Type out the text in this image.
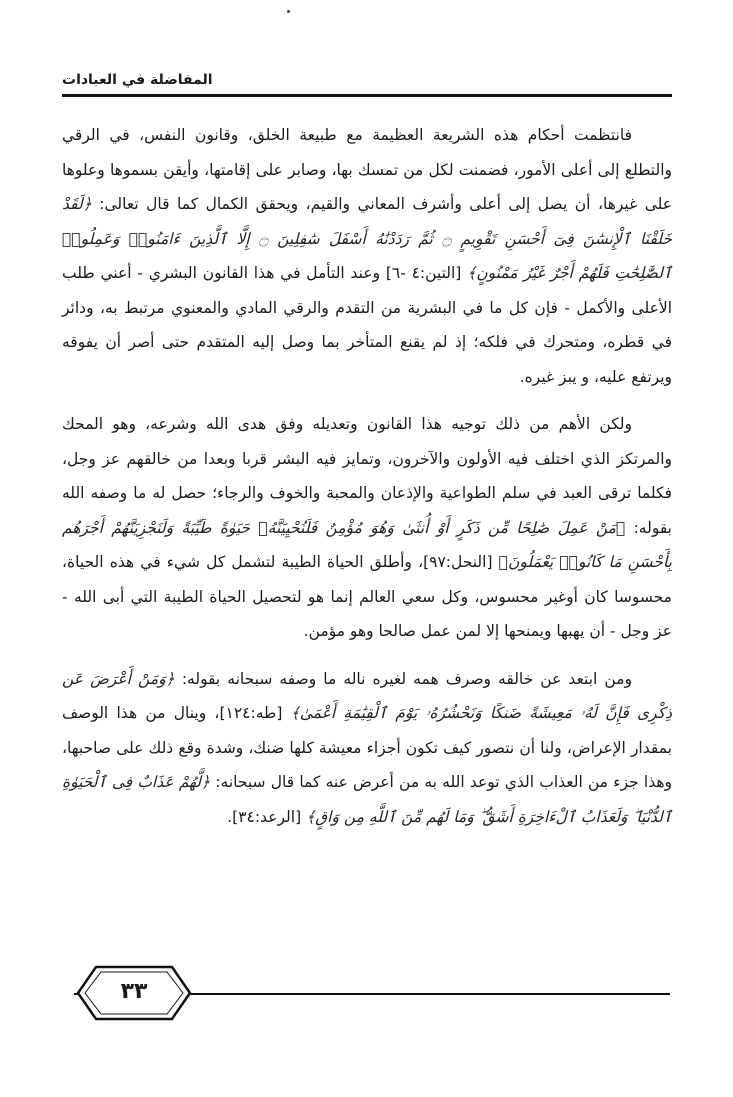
المفاضلة في العبادات

فانتظمت أحكام هذه الشريعة العظيمة مع طبيعة الخلق، وقانون النفس، في الرقي والتطلع إلى أعلى الأمور، فضمنت لكل من تمسك بها، وصابر على إقامتها، وأيقن بسموها وعلوها على غيرها، أن يصل إلى أعلى وأشرف المعاني والقيم، ويحقق الكمال كما قال تعالى: ﴿لَقَدْ خَلَقْنَا ٱلْإِنسَٰنَ فِىٓ أَحْسَنِ تَقْوِيمٍ ۝ ثُمَّ رَدَدْنَٰهُ أَسْفَلَ سَٰفِلِينَ ۝ إِلَّا ٱلَّذِينَ ءَامَنُوا۟ وَعَمِلُوا۟ ٱلصَّٰلِحَٰتِ فَلَهُمْ أَجْرٌ غَيْرُ مَمْنُونٍ﴾ [التين:٤ -٦] وعند التأمل في هذا القانون البشري - أعني طلب الأعلى والأكمل - فإن كل ما في البشرية من التقدم والرقي المادي والمعنوي مرتبط به، ودائر في قطره، ومتحرك في فلكه؛ إذ لم يقنع المتأخر بما وصل إليه المتقدم حتى أصر أن يفوقه ويرتفع عليه، و يبز غيره.

ولكن الأهم من ذلك توجيه هذا القانون وتعديله وفق هدى الله وشرعه، وهو المحك والمرتكز الذي اختلف فيه الأولون والآخرون، وتمايز فيه البشر قربا وبعدا من خالقهم عز وجل، فكلما ترقى العبد في سلم الطواعية والإذعان والمحبة والخوف والرجاء؛ حصل له ما وصفه الله بقوله: ﴿مَنْ عَمِلَ صَٰلِحًا مِّن ذَكَرٍ أَوْ أُنثَىٰ وَهُوَ مُؤْمِنٌ فَلَنُحْيِيَنَّهُۥ حَيَوٰةً طَيِّبَةً وَلَنَجْزِيَنَّهُمْ أَجْرَهُم بِأَحْسَنِ مَا كَانُوا۟ يَعْمَلُونَ﴾ [النحل:٩٧]، وأطلق الحياة الطيبة لتشمل كل شيء في هذه الحياة، محسوسا كان أوغير محسوس، وكل سعي العالم إنما هو لتحصيل الحياة الطيبة التي أبى الله - عز وجل - أن يهبها ويمنحها إلا لمن عمل صالحا وهو مؤمن.

ومن ابتعد عن خالقه وصرف همه لغيره ناله ما وصفه سبحانه بقوله: ﴿وَمَنْ أَعْرَضَ عَن ذِكْرِى فَإِنَّ لَهُۥ مَعِيشَةً ضَنكًا وَنَحْشُرُهُۥ يَوْمَ ٱلْقِيَٰمَةِ أَعْمَىٰ﴾ [طه:١٢٤]، وينال من هذا الوصف بمقدار الإعراض، ولنا أن نتصور كيف تكون أجزاء معيشة كلها ضنك، وشدة وقع ذلك على صاحبها، وهذا جزء من العذاب الذي توعد الله به من أعرض عنه كما قال سبحانه: ﴿لَّهُمْ عَذَابٌ فِى ٱلْحَيَوٰةِ ٱلدُّنْيَا ۖ وَلَعَذَابُ ٱلْءَاخِرَةِ أَشَقُّ ۖ وَمَا لَهُم مِّنَ ٱللَّهِ مِن وَاقٍ﴾ [الرعد:٣٤].

٣٣
